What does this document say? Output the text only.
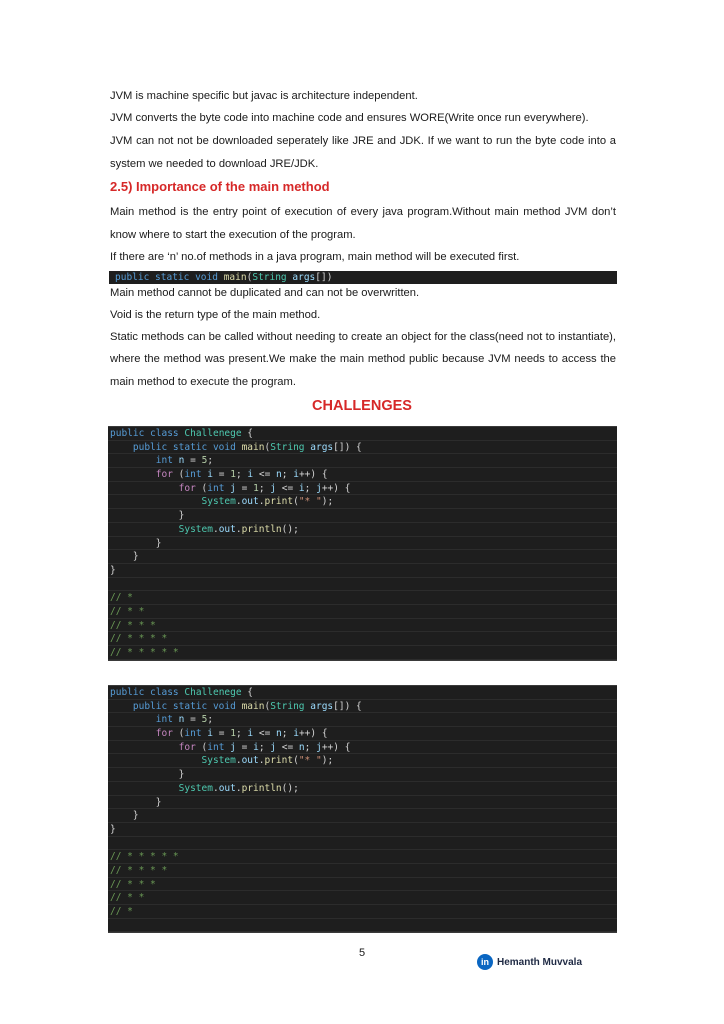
JVM is machine specific but javac is architecture independent.

JVM converts the byte code into machine code and ensures WORE(Write once run everywhere).

JVM can not not be downloaded seperately like JRE and JDK. If we want to run the byte code into a

system we needed to download JRE/JDK.

2.5) Importance of the main method

Main method is the entry point of execution of every java program.Without main method JVM don’t

know where to start the execution of the program.

If there are ‘n’ no.of methods in a java program, main method will be executed first.

public static void main(String args[])

Main method cannot be duplicated and can not be overwritten.

Void is the return type of the main method.

Static methods can be called without needing to create an object for the class(need not to instantiate),

where the method was present.We make the main method public because JVM needs to access the

main method to execute the program.

CHALLENGES
public class Challenege {
public static void main(String args[]) {
int n = 5;
for (int i = 1; i <= n; i++) {
for (int j = 1; j <= i; j++) {
System.out.print("* ");
}
System.out.println();
}
}
}

// *
// * *
// * * *
// * * * *
// * * * * *
public class Challenege {
public static void main(String args[]) {
int n = 5;
for (int i = 1; i <= n; i++) {
for (int j = i; j <= n; j++) {
System.out.print("* ");
}
System.out.println();
}
}
}

// * * * * *
// * * * *
// * * *
// * *
// *

5

in Hemanth Muvvala
